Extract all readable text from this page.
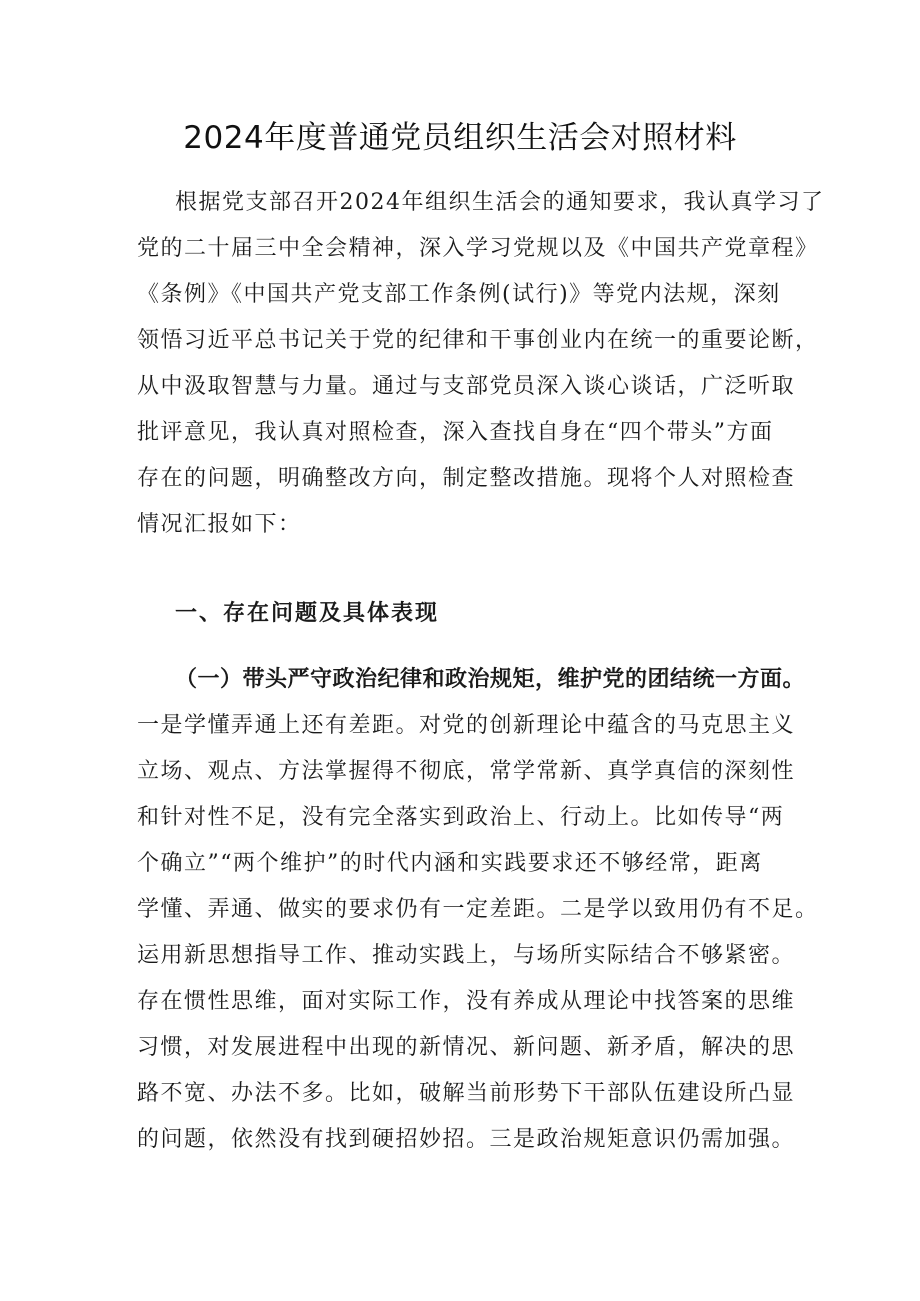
2024年度普通党员组织生活会对照材料
根据党支部召开2024年组织生活会的通知要求，我认真学习了
党的二十届三中全会精神，深入学习党规以及《中国共产党章程》
《条例》《中国共产党支部工作条例(试行)》等党内法规，深刻
领悟习近平总书记关于党的纪律和干事创业内在统一的重要论断，
从中汲取智慧与力量。通过与支部党员深入谈心谈话，广泛听取
批评意见，我认真对照检查，深入查找自身在“四个带头”方面
存在的问题，明确整改方向，制定整改措施。现将个人对照检查
情况汇报如下：
一、存在问题及具体表现
（一）带头严守政治纪律和政治规矩，维护党的团结统一方面。
一是学懂弄通上还有差距。对党的创新理论中蕴含的马克思主义
立场、观点、方法掌握得不彻底，常学常新、真学真信的深刻性
和针对性不足，没有完全落实到政治上、行动上。比如传导“两
个确立”“两个维护”的时代内涵和实践要求还不够经常，距离
学懂、弄通、做实的要求仍有一定差距。二是学以致用仍有不足。
运用新思想指导工作、推动实践上，与场所实际结合不够紧密。
存在惯性思维，面对实际工作，没有养成从理论中找答案的思维
习惯，对发展进程中出现的新情况、新问题、新矛盾，解决的思
路不宽、办法不多。比如，破解当前形势下干部队伍建设所凸显
的问题，依然没有找到硬招妙招。三是政治规矩意识仍需加强。
